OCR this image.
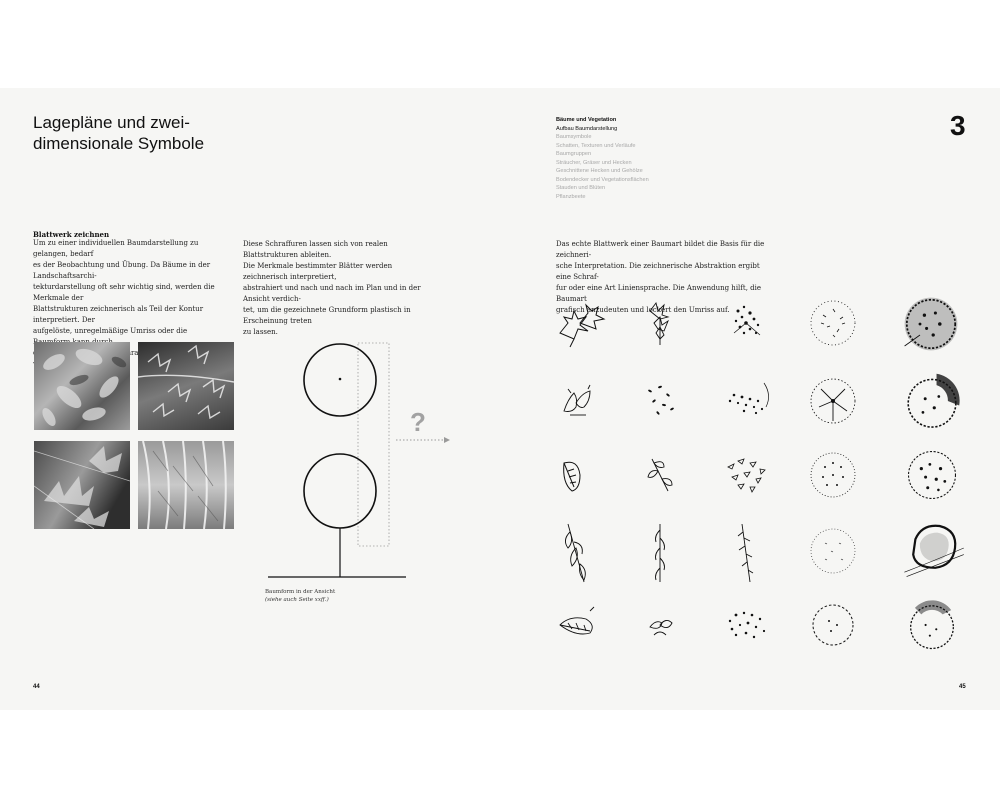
Lagepläne und zwei-
dimensionale Symbole
Bäume und Vegetation
Aufbau Baumdarstellung
Baumsymbole
Schatten, Texturen und Verläufe
Baumgruppen
Sträucher, Gräser und Hecken
Geschnittene Hecken und Gehölze
Bodendecker und Vegetationsflächen
Stauden und Blüten
Pflanzbeete
3
Blattwerk zeichnen
Um zu einer individuellen Baumdarstellung zu gelangen, bedarf
es der Beobachtung und Übung. Da Bäume in der Landschaftsarchi-
tekturdarstellung oft sehr wichtig sind, werden die Merkmale der
Blattstrukturen zeichnerisch als Teil der Kontur interpretiert. Der
aufgelöste, unregelmäßige Umriss oder die
Blattschraffuren
Diese Schraffuren lassen sich von realen Blattstrukturen ableiten.
Die Merkmale bestimmter Blätter werden zeichnerisch interpretiert,
abstrahiert und nach und nach im Plan und in der Ansicht verdich-
tet, um die gezeichnete Grundform plastisch in Erscheinung treten
zu lassen.
Das echte Blattwerk einer Baumart bildet die Basis für die zeichneri-
sche Interpretation. Die zeichnerische Abstraktion ergibt eine Schraf-
fur oder eine Art Liniensprache. Die Anwendung hilft, die Baumart
grafisch anzudeuten und lockert den Umriss auf.
?
Baumform in der Ansicht
(siehe auch Seite xxff.)
44	45
